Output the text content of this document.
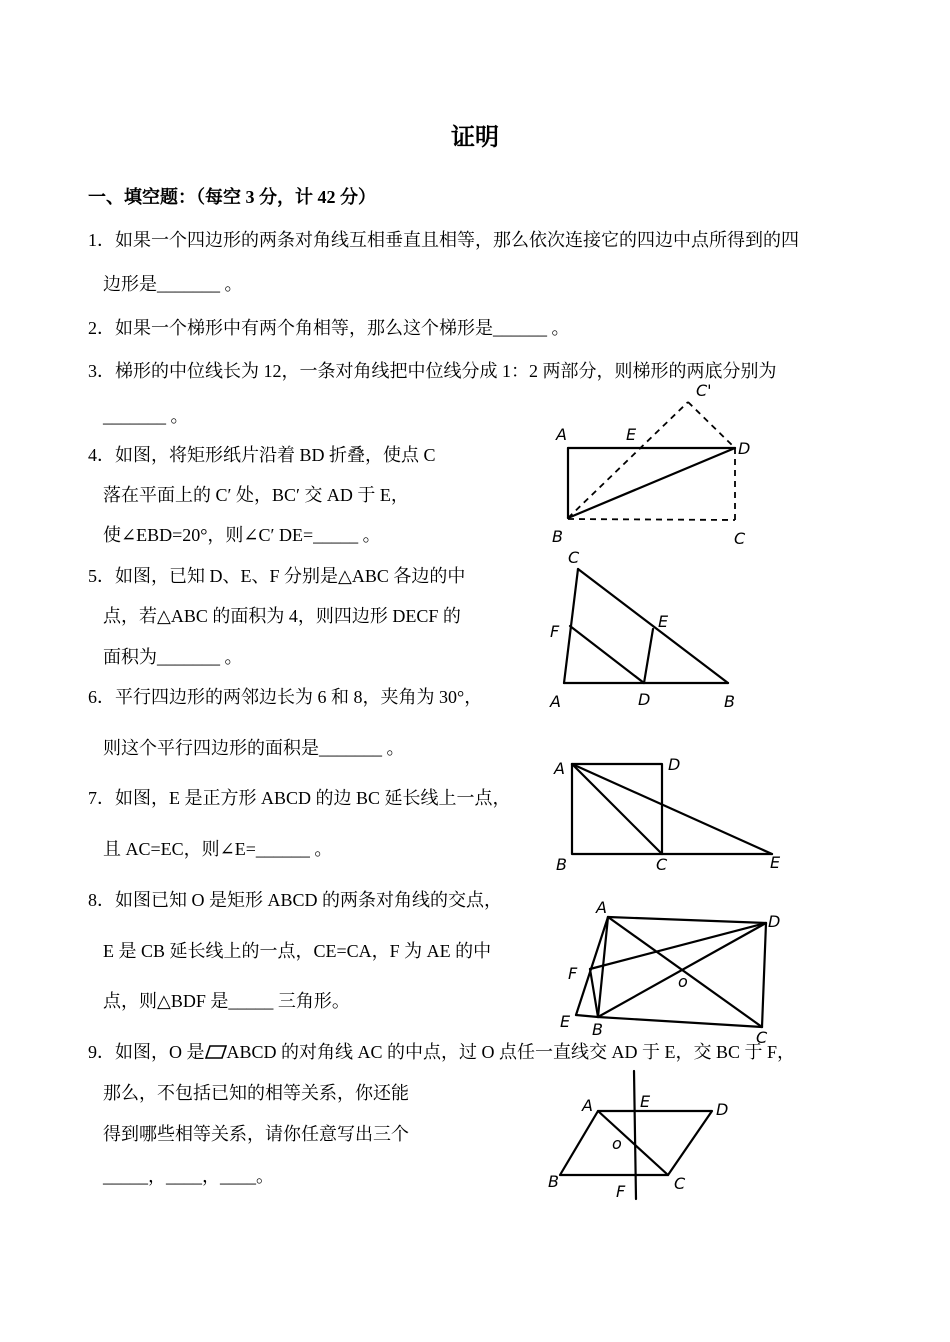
证明
一、填空题：（每空 3 分，计 42 分）
1．如果一个四边形的两条对角线互相垂直且相等，那么依次连接它的四边中点所得到的四
边形是_______ 。
2．如果一个梯形中有两个角相等，那么这个梯形是______ 。
3．梯形的中位线长为 12，一条对角线把中位线分成 1：2 两部分，则梯形的两底分别为
_______ 。
4．如图，将矩形纸片沿着 BD 折叠，使点 C
落在平面上的 C′ 处，BC′ 交 AD 于 E，
使∠EBD=20°，则∠C′ DE=_____ 。
5．如图，已知 D、E、F 分别是△ABC 各边的中
点，若△ABC 的面积为 4，则四边形 DECF 的
面积为_______ 。
6．平行四边形的两邻边长为 6 和 8，夹角为 30°，
则这个平行四边形的面积是_______ 。
7．如图，E 是正方形 ABCD 的边 BC 延长线上一点，
且 AC=EC，则∠E=______ 。
8．如图已知 O 是矩形 ABCD 的两条对角线的交点，
E 是 CB 延长线上的一点，CE=CA，F 为 AE 的中
点，则△BDF 是_____ 三角形。
9．如图，O 是 ABCD 的对角线 AC 的中点，过 O 点任一直线交 AD 于 E，交 BC 于 F，
那么，不包括已知的相等关系，你还能
得到哪些相等关系，请你任意写出三个
_____，____，____。
A	E
C'
D
B	C
C
F
E
A	D	B
A	D
B	C	E
A
D
F	o
E B	C
A	E	D
o
B
F	C
